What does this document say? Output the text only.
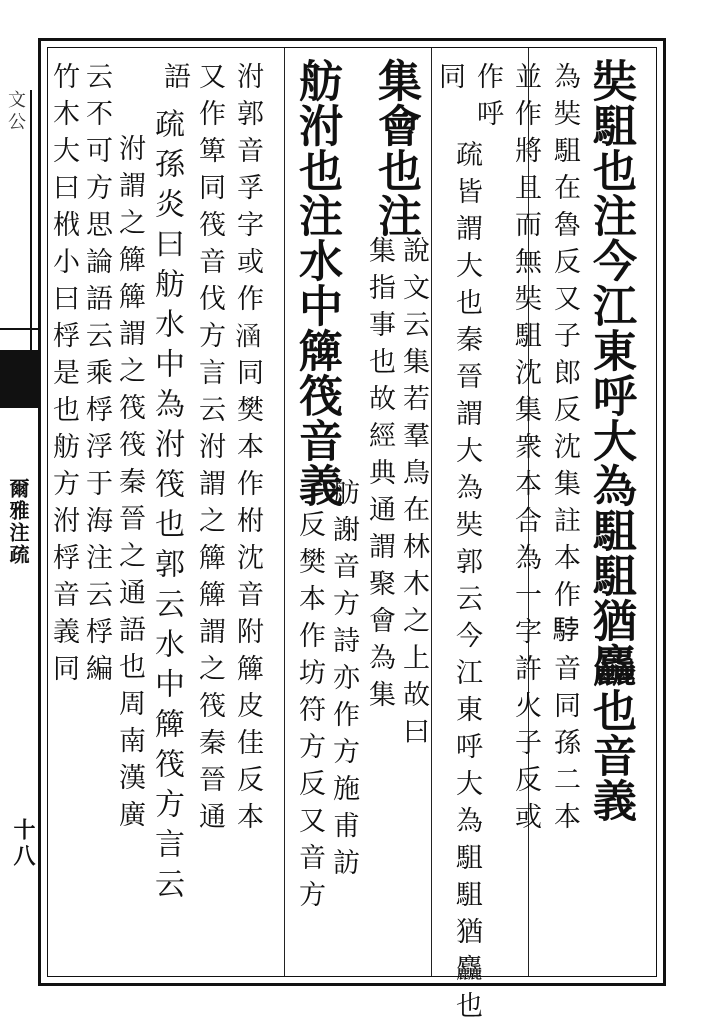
文公
爾雅注疏
十八
奘駔也注今江東呼大為駔駔猶麤也音義
為奘駔在魯反又子郎反沈集註本作𩣡音同孫二本
並作將且而無奘駔沈集衆本合為一字許火子反或
作呼
同
疏皆謂大也秦晉謂大為奘郭云今江東呼大為駔駔猶麤也
集會也注
說文云集若羣鳥在林木之上故曰
集指事也故經典通謂聚會為集
舫泭也注水中簰筏音義
舫謝音方詩亦作方施甫訪
反樊本作坊符方反又音方
泭郭音孚字或作𣹢同樊本作柎沈音附簰皮佳反本
又作箄同筏音伐方言云泭謂之簰簰謂之筏秦晉通
語
疏孫炎曰舫水中為泭筏也郭云水中簰筏方言云
泭謂之簰簰謂之筏筏秦晉之通語也周南漢廣
云不可方思論語云乘桴浮于海注云桴編
竹木大曰栰小曰桴是也舫方泭桴音義同
